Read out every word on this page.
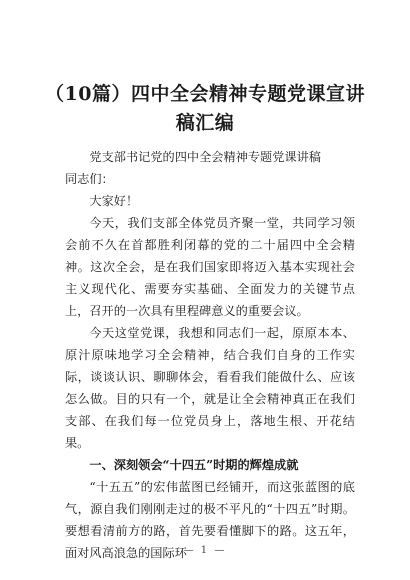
（10篇）四中全会精神专题党课宣讲稿汇编

党支部书记党的四中全会精神专题党课讲稿

同志们：

大家好！

今天，我们支部全体党员齐聚一堂，共同学习领会前不久在首都胜利闭幕的党的二十届四中全会精神。这次全会，是在我们国家即将迈入基本实现社会主义现代化、需要夯实基础、全面发力的关键节点上，召开的一次具有里程碑意义的重要会议。

今天这堂党课，我想和同志们一起，原原本本、原汁原味地学习全会精神，结合我们自身的工作实际，谈谈认识、聊聊体会，看看我们能做什么、应该怎么做。目的只有一个，就是让全会精神真正在我们支部、在我们每一位党员身上，落地生根、开花结果。

一、深刻领会“十四五”时期的辉煌成就

“十五五”的宏伟蓝图已经铺开，而这张蓝图的底气，源自我们刚刚走过的极不平凡的“十四五”时期。要想看清前方的路，首先要看懂脚下的路。这五年，面对风高浪急的国际环

— 1 —
